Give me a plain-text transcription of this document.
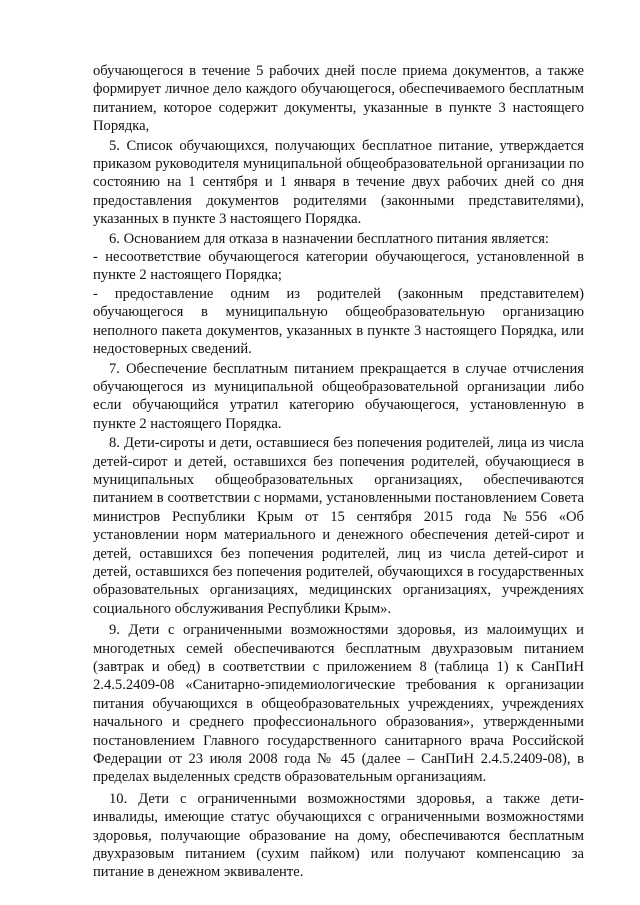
обучающегося в течение 5 рабочих дней после приема документов, а также формирует личное дело каждого обучающегося, обеспечиваемого бесплатным питанием, которое содержит документы, указанные в пункте 3 настоящего Порядка,

5. Список обучающихся, получающих бесплатное питание, утверждается приказом руководителя муниципальной общеобразовательной организации по состоянию на 1 сентября и 1 января в течение двух рабочих дней со дня предоставления документов родителями (законными представителями), указанных в пункте 3 настоящего Порядка.

6. Основанием для отказа в назначении бесплатного питания является:

- несоответствие обучающегося категории обучающегося, установленной в пункте 2 настоящего Порядка;

- предоставление одним из родителей (законным представителем) обучающегося в муниципальную общеобразовательную организацию неполного пакета документов, указанных в пункте 3 настоящего Порядка, или недостоверных сведений.

7. Обеспечение бесплатным питанием прекращается в случае отчисления обучающегося из муниципальной общеобразовательной организации либо если обучающийся утратил категорию обучающегося, установленную в пункте 2 настоящего Порядка.

8. Дети-сироты и дети, оставшиеся без попечения родителей, лица из числа детей-сирот и детей, оставшихся без попечения родителей, обучающиеся в муниципальных общеобразовательных организациях, обеспечиваются питанием в соответствии с нормами, установленными постановлением Совета министров Республики Крым от 15 сентября 2015 года №556 «Об установлении норм материального и денежного обеспечения детей-сирот и детей, оставшихся без попечения родителей, лиц из числа детей-сирот и детей, оставшихся без попечения родителей, обучающихся в государственных образовательных организациях, медицинских организациях, учреждениях социального обслуживания Республики Крым».

9. Дети с ограниченными возможностями здоровья, из малоимущих и многодетных семей обеспечиваются бесплатным двухразовым питанием (завтрак и обед) в соответствии с приложением 8 (таблица 1) к СанПиН 2.4.5.2409-08 «Санитарно-эпидемиологические требования к организации питания обучающихся в общеобразовательных учреждениях, учреждениях начального и среднего профессионального образования», утвержденными постановлением Главного государственного санитарного врача Российской Федерации от 23 июля 2008 года № 45 (далее – СанПиН 2.4.5.2409-08), в пределах выделенных средств образовательным организациям.

10. Дети с ограниченными возможностями здоровья, а также дети-инвалиды, имеющие статус обучающихся с ограниченными возможностями здоровья, получающие образование на дому, обеспечиваются бесплатным двухразовым питанием (сухим пайком) или получают компенсацию за питание в денежном эквиваленте.
